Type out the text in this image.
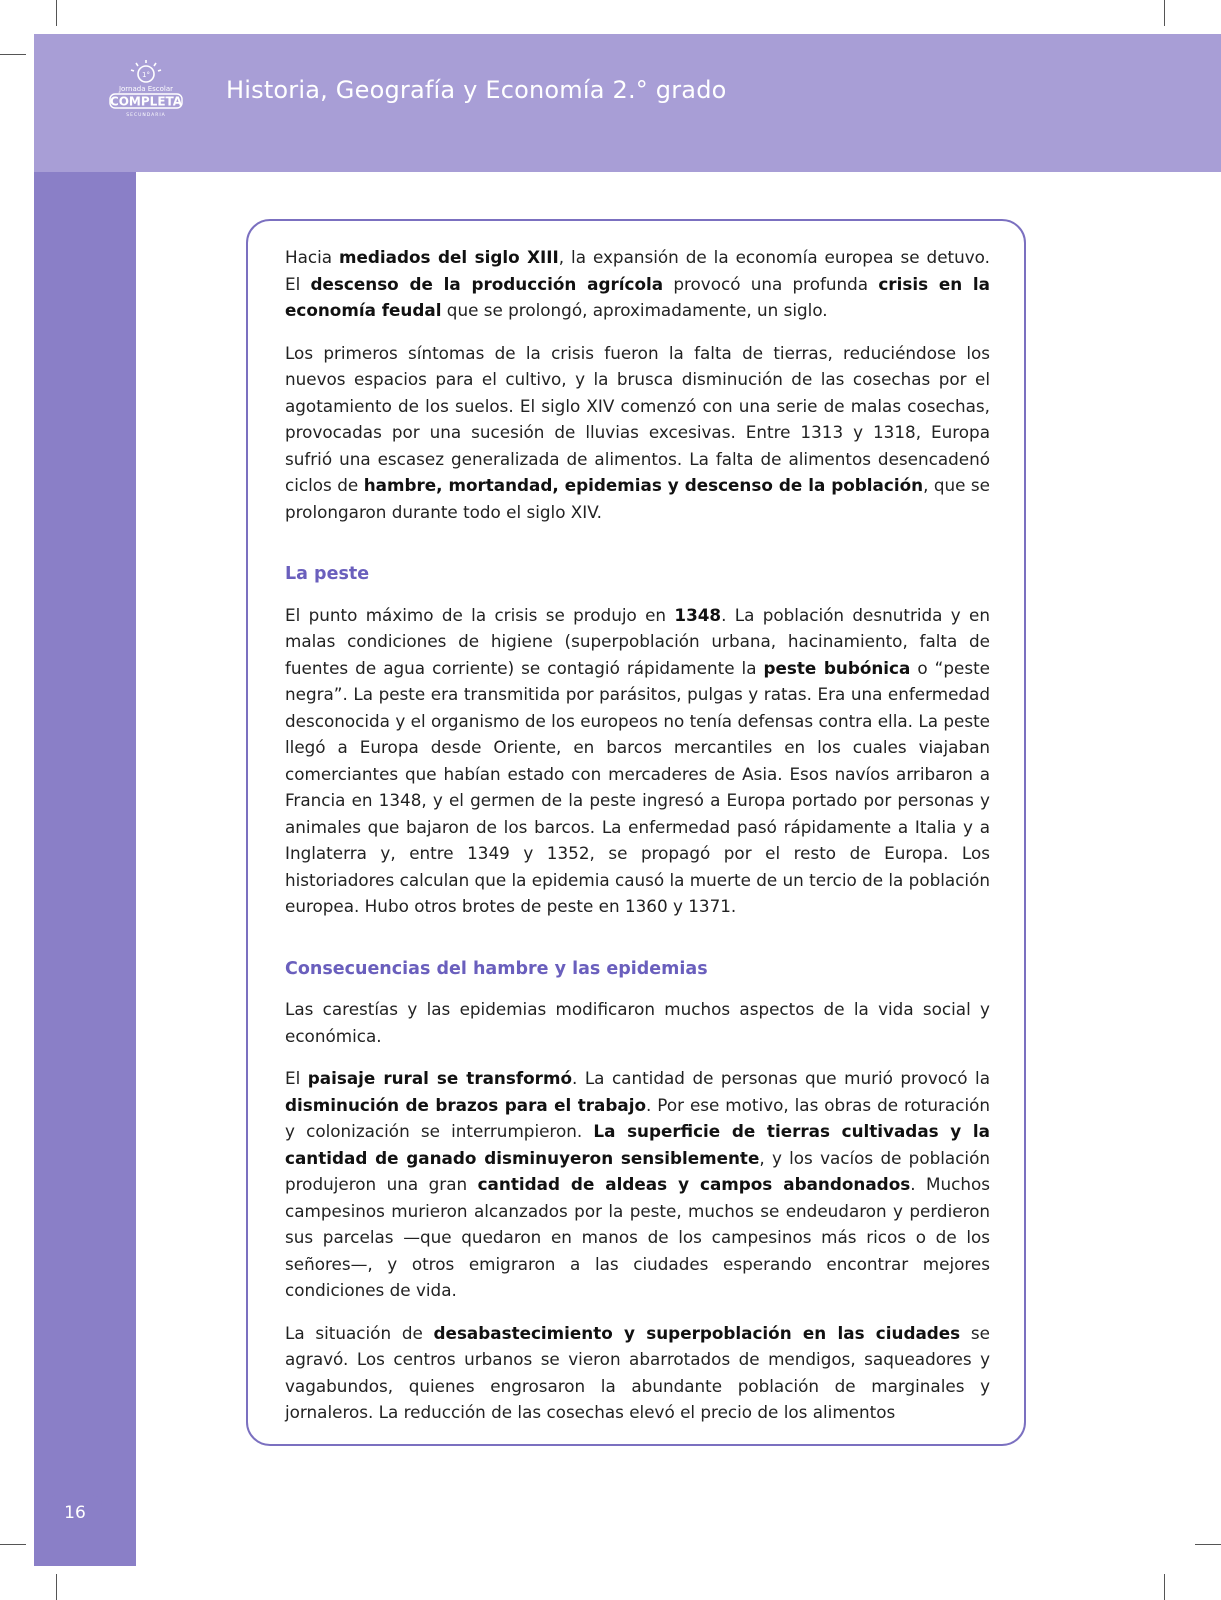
1°
Jornada Escolar
COMPLETA
SECUNDARIA
Historia, Geografía y Economía 2.° grado
16

Hacia mediados del siglo XIII, la expansión de la economía europea se detuvo. El descenso de la producción agrícola provocó una profunda crisis en la economía feudal que se prolongó, aproximadamente, un siglo.

Los primeros síntomas de la crisis fueron la falta de tierras, reduciéndose los nuevos espacios para el cultivo, y la brusca disminución de las cosechas por el agotamiento de los suelos. El siglo XIV comenzó con una serie de malas cosechas, provocadas por una sucesión de lluvias excesivas. Entre 1313 y 1318, Europa sufrió una escasez generalizada de alimentos. La falta de alimentos desencadenó ciclos de hambre, mortandad, epidemias y descenso de la población, que se prolongaron durante todo el siglo XIV.

La peste

El punto máximo de la crisis se produjo en 1348. La población desnutrida y en malas condiciones de higiene (superpoblación urbana, hacinamiento, falta de fuentes de agua corriente) se contagió rápidamente la peste bubónica o “peste negra”. La peste era transmitida por parásitos, pulgas y ratas. Era una enfermedad desconocida y el organismo de los europeos no tenía defensas contra ella. La peste llegó a Europa desde Oriente, en barcos mercantiles en los cuales viajaban comerciantes que habían estado con mercaderes de Asia. Esos navíos arribaron a Francia en 1348, y el germen de la peste ingresó a Europa portado por personas y animales que bajaron de los barcos. La enfermedad pasó rápidamente a Italia y a Inglaterra y, entre 1349 y 1352, se propagó por el resto de Europa. Los historiadores calculan que la epidemia causó la muerte de un tercio de la población europea. Hubo otros brotes de peste en 1360 y 1371.

Consecuencias del hambre y las epidemias

Las carestías y las epidemias modificaron muchos aspectos de la vida social y económica.

El paisaje rural se transformó. La cantidad de personas que murió provocó la disminución de brazos para el trabajo. Por ese motivo, las obras de roturación y colonización se interrumpieron. La superficie de tierras cultivadas y la cantidad de ganado disminuyeron sensiblemente, y los vacíos de población produjeron una gran cantidad de aldeas y campos abandonados. Muchos campesinos murieron alcanzados por la peste, muchos se endeudaron y perdieron sus parcelas —que quedaron en manos de los campesinos más ricos o de los señores—, y otros emigraron a las ciudades esperando encontrar mejores condiciones de vida.

La situación de desabastecimiento y superpoblación en las ciudades se agravó. Los centros urbanos se vieron abarrotados de mendigos, saqueadores y vagabundos, quienes engrosaron la abundante población de marginales y jornaleros. La reducción de las cosechas elevó el precio de los alimentos
